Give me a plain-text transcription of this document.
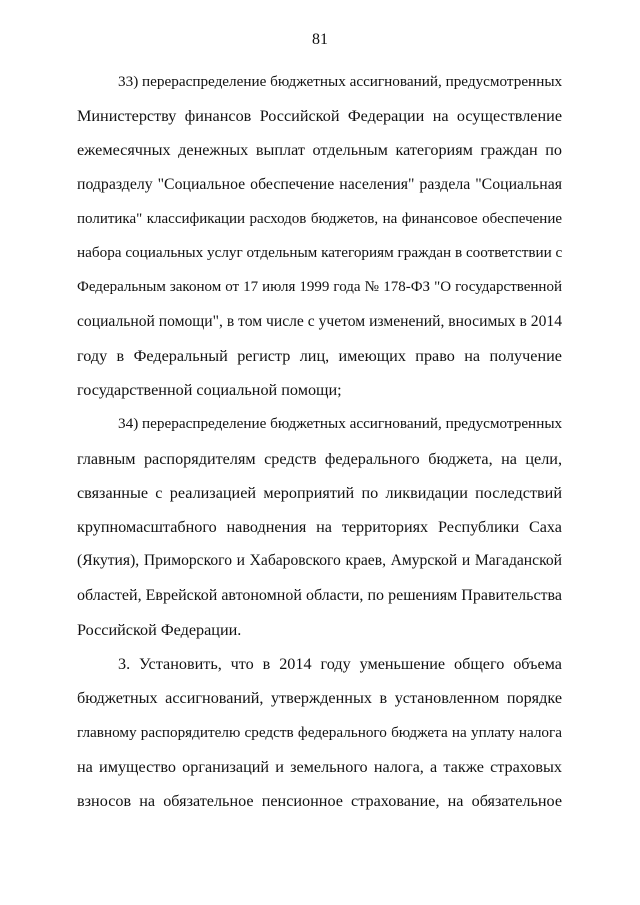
81
33) перераспределение бюджетных ассигнований, предусмотренных
Министерству финансов Российской Федерации на осуществление
ежемесячных денежных выплат отдельным категориям граждан по
подразделу "Социальное обеспечение населения" раздела "Социальная
политика" классификации расходов бюджетов, на финансовое обеспечение
набора социальных услуг отдельным категориям граждан в соответствии с
Федеральным законом от 17 июля 1999 года № 178-ФЗ "О государственной
социальной помощи", в том числе с учетом изменений, вносимых в 2014
году в Федеральный регистр лиц, имеющих право на получение
государственной социальной помощи;
34) перераспределение бюджетных ассигнований, предусмотренных
главным распорядителям средств федерального бюджета, на цели,
связанные с реализацией мероприятий по ликвидации последствий
крупномасштабного наводнения на территориях Республики Саха
(Якутия), Приморского и Хабаровского краев, Амурской и Магаданской
областей, Еврейской автономной области, по решениям Правительства
Российской Федерации.
3. Установить, что в 2014 году уменьшение общего объема
бюджетных ассигнований, утвержденных в установленном порядке
главному распорядителю средств федерального бюджета на уплату налога
на имущество организаций и земельного налога, а также страховых
взносов на обязательное пенсионное страхование, на обязательное
